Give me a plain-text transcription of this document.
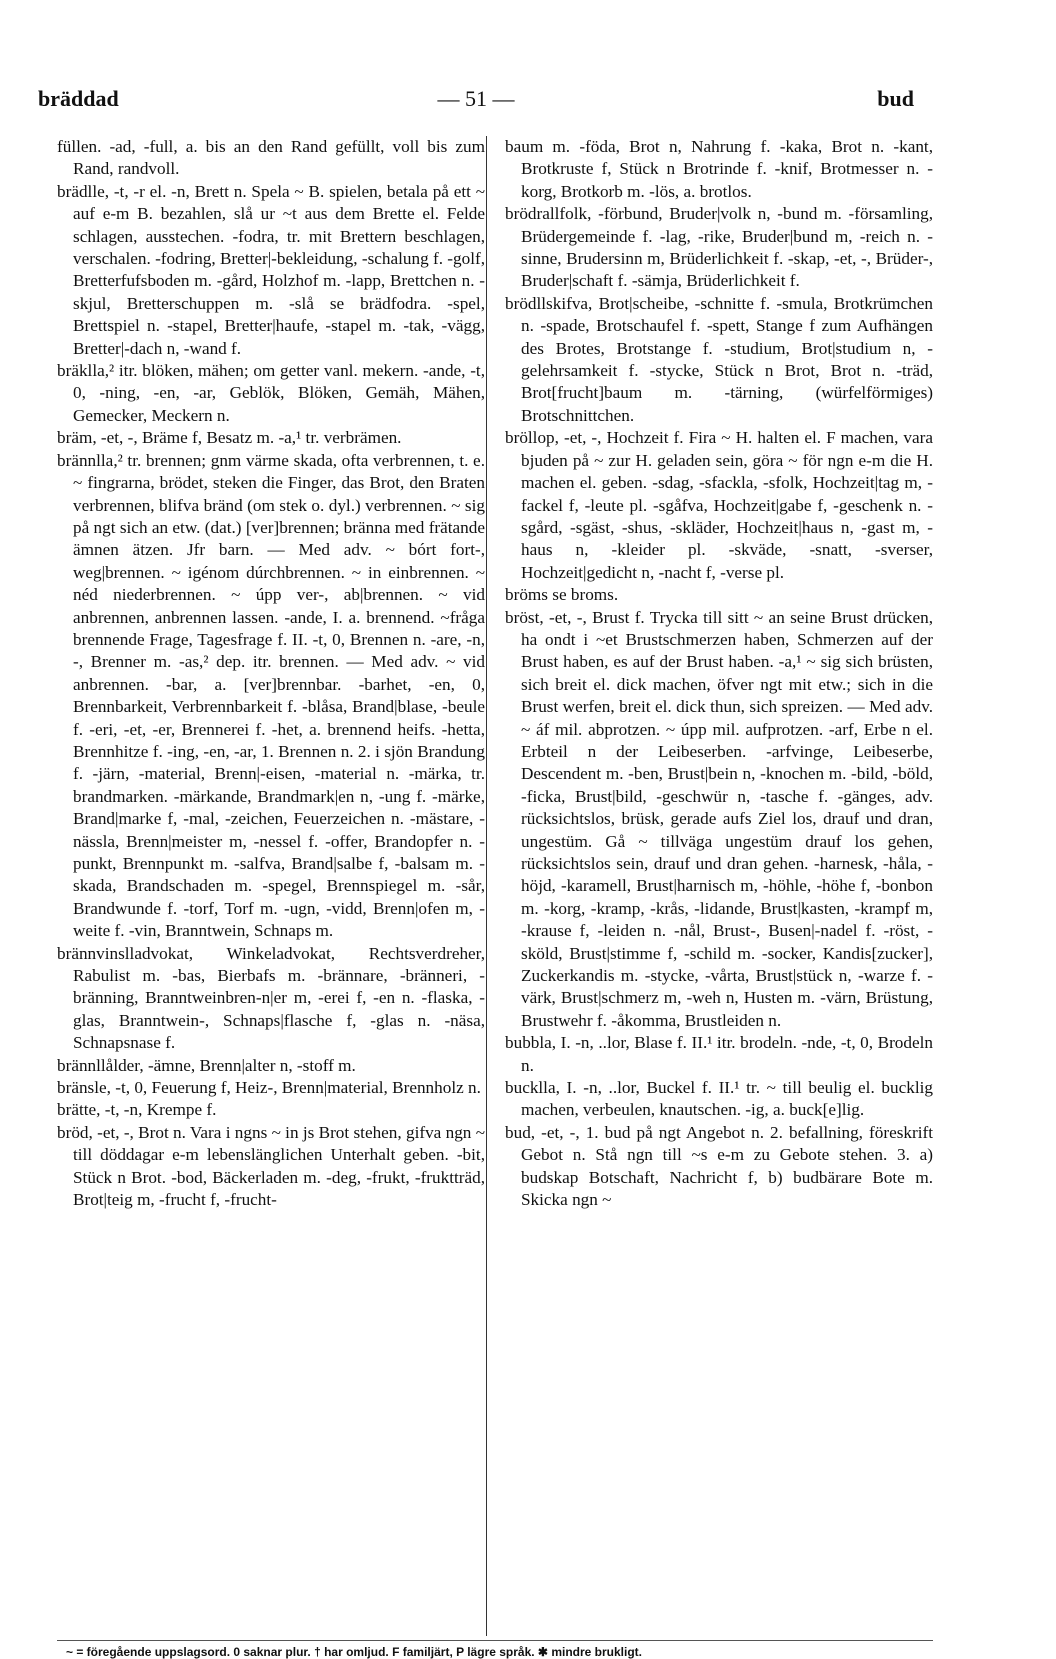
bräddad	— 51 —	bud

füllen. -ad, -full, a. bis an den Rand gefüllt, voll bis zum Rand, randvoll.

brädlle, -t, -r el. -n, Brett n. Spela ~ B. spielen, betala på ett ~ auf e-m B. bezahlen, slå ur ~t aus dem Brette el. Felde schlagen, ausstechen. -fodra, tr. mit Brettern beschlagen, verschalen. -fodring, Bretter|-bekleidung, -schalung f. -golf, Bretterfufsboden m. -gård, Holzhof m. -lapp, Brettchen n. -skjul, Bretterschuppen m. -slå se brädfodra. -spel, Brettspiel n. -stapel, Bretter|haufe, -stapel m. -tak, -vägg, Bretter|-dach n, -wand f.

bräklla,² itr. blöken, mähen; om getter vanl. mekern. -ande, -t, 0, -ning, -en, -ar, Geblök, Blöken, Gemäh, Mähen, Gemecker, Meckern n.

bräm, -et, -, Bräme f, Besatz m. -a,¹ tr. verbrämen.

brännlla,² tr. brennen; gnm värme skada, ofta verbrennen, t. e. ~ fingrarna, brödet, steken die Finger, das Brot, den Braten verbrennen, blifva bränd (om stek o. dyl.) verbrennen. ~ sig på ngt sich an etw. (dat.) [ver]brennen; bränna med frätande ämnen ätzen. Jfr barn. — Med adv. ~ bórt fort-, weg|brennen. ~ igénom dúrchbrennen. ~ in einbrennen. ~ néd niederbrennen. ~ úpp ver-, ab|brennen. ~ vid anbrennen, anbrennen lassen. -ande, I. a. brennend. ~fråga brennende Frage, Tagesfrage f. II. -t, 0, Brennen n. -are, -n, -, Brenner m. -as,² dep. itr. brennen. — Med adv. ~ vid anbrennen. -bar, a. [ver]brennbar. -barhet, -en, 0, Brennbarkeit, Verbrennbarkeit f. -blåsa, Brand|blase, -beule f. -eri, -et, -er, Brennerei f. -het, a. brennend heifs. -hetta, Brennhitze f. -ing, -en, -ar, 1. Brennen n. 2. i sjön Brandung f. -järn, -material, Brenn|-eisen, -material n. -märka, tr. brandmarken. -märkande, Brandmark|en n, -ung f. -märke, Brand|marke f, -mal, -zeichen, Feuerzeichen n. -mästare, -nässla, Brenn|meister m, -nessel f. -offer, Brandopfer n. -punkt, Brennpunkt m. -salfva, Brand|salbe f, -balsam m. -skada, Brandschaden m. -spegel, Brennspiegel m. -sår, Brandwunde f. -torf, Torf m. -ugn, -vidd, Brenn|ofen m, -weite f. -vin, Branntwein, Schnaps m.

brännvinslladvokat, Winkeladvokat, Rechtsverdreher, Rabulist m. -bas, Bierbafs m. -brännare, -bränneri, -bränning, Branntweinbren-n|er m, -erei f, -en n. -flaska, -glas, Branntwein-, Schnaps|flasche f, -glas n. -näsa, Schnapsnase f.

brännllålder, -ämne, Brenn|alter n, -stoff m.

bränsle, -t, 0, Feuerung f, Heiz-, Brenn|material, Brennholz n.

brätte, -t, -n, Krempe f.

bröd, -et, -, Brot n. Vara i ngns ~ in js Brot stehen, gifva ngn ~ till döddagar e-m lebenslänglichen Unterhalt geben. -bit, Stück n Brot. -bod, Bäckerladen m. -deg, -frukt, -fruktträd, Brot|teig m, -frucht f, -frucht-

baum m. -föda, Brot n, Nahrung f. -kaka, Brot n. -kant, Brotkruste f, Stück n Brotrinde f. -knif, Brotmesser n. -korg, Brotkorb m. -lös, a. brotlos.

brödrallfolk, -förbund, Bruder|volk n, -bund m. -församling, Brüdergemeinde f. -lag, -rike, Bruder|bund m, -reich n. -sinne, Brudersinn m, Brüderlichkeit f. -skap, -et, -, Brüder-, Bruder|schaft f. -sämja, Brüderlichkeit f.

brödllskifva, Brot|scheibe, -schnitte f. -smula, Brotkrümchen n. -spade, Brotschaufel f. -spett, Stange f zum Aufhängen des Brotes, Brotstange f. -studium, Brot|studium n, -gelehrsamkeit f. -stycke, Stück n Brot, Brot n. -träd, Brot[frucht]baum m. -tärning, (würfelförmiges) Brotschnittchen.

bröllop, -et, -, Hochzeit f. Fira ~ H. halten el. F machen, vara bjuden på ~ zur H. geladen sein, göra ~ för ngn e-m die H. machen el. geben. -sdag, -sfackla, -sfolk, Hochzeit|tag m, -fackel f, -leute pl. -sgåfva, Hochzeit|gabe f, -geschenk n. -sgård, -sgäst, -shus, -skläder, Hochzeit|haus n, -gast m, -haus n, -kleider pl. -skväde, -snatt, -sverser, Hochzeit|gedicht n, -nacht f, -verse pl.

bröms se broms.

bröst, -et, -, Brust f. Trycka till sitt ~ an seine Brust drücken, ha ondt i ~et Brustschmerzen haben, Schmerzen auf der Brust haben, es auf der Brust haben. -a,¹ ~ sig sich brüsten, sich breit el. dick machen, öfver ngt mit etw.; sich in die Brust werfen, breit el. dick thun, sich spreizen. — Med adv. ~ áf mil. abprotzen. ~ úpp mil. aufprotzen. -arf, Erbe n el. Erbteil n der Leibeserben. -arfvinge, Leibeserbe, Descendent m. -ben, Brust|bein n, -knochen m. -bild, -böld, -ficka, Brust|bild, -geschwür n, -tasche f. -gänges, adv. rücksichtslos, brüsk, gerade aufs Ziel los, drauf und dran, ungestüm. Gå ~ tillväga ungestüm drauf los gehen, rücksichtslos sein, drauf und dran gehen. -harnesk, -håla, -höjd, -karamell, Brust|harnisch m, -höhle, -höhe f, -bonbon m. -korg, -kramp, -krås, -lidande, Brust|kasten, -krampf m, -krause f, -leiden n. -nål, Brust-, Busen|-nadel f. -röst, -sköld, Brust|stimme f, -schild m. -socker, Kandis[zucker], Zuckerkandis m. -stycke, -vårta, Brust|stück n, -warze f. -värk, Brust|schmerz m, -weh n, Husten m. -värn, Brüstung, Brustwehr f. -åkomma, Brustleiden n.

bubbla, I. -n, ..lor, Blase f. II.¹ itr. brodeln. -nde, -t, 0, Brodeln n.

bucklla, I. -n, ..lor, Buckel f. II.¹ tr. ~ till beulig el. bucklig machen, verbeulen, knautschen. -ig, a. buck[e]lig.

bud, -et, -, 1. bud på ngt Angebot n. 2. befallning, föreskrift Gebot n. Stå ngn till ~s e-m zu Gebote stehen. 3. a) budskap Botschaft, Nachricht f, b) budbärare Bote m. Skicka ngn ~

~ = föregående uppslagsord. 0 saknar plur. † har omljud. F familjärt, P lägre språk. ✱ mindre brukligt.
